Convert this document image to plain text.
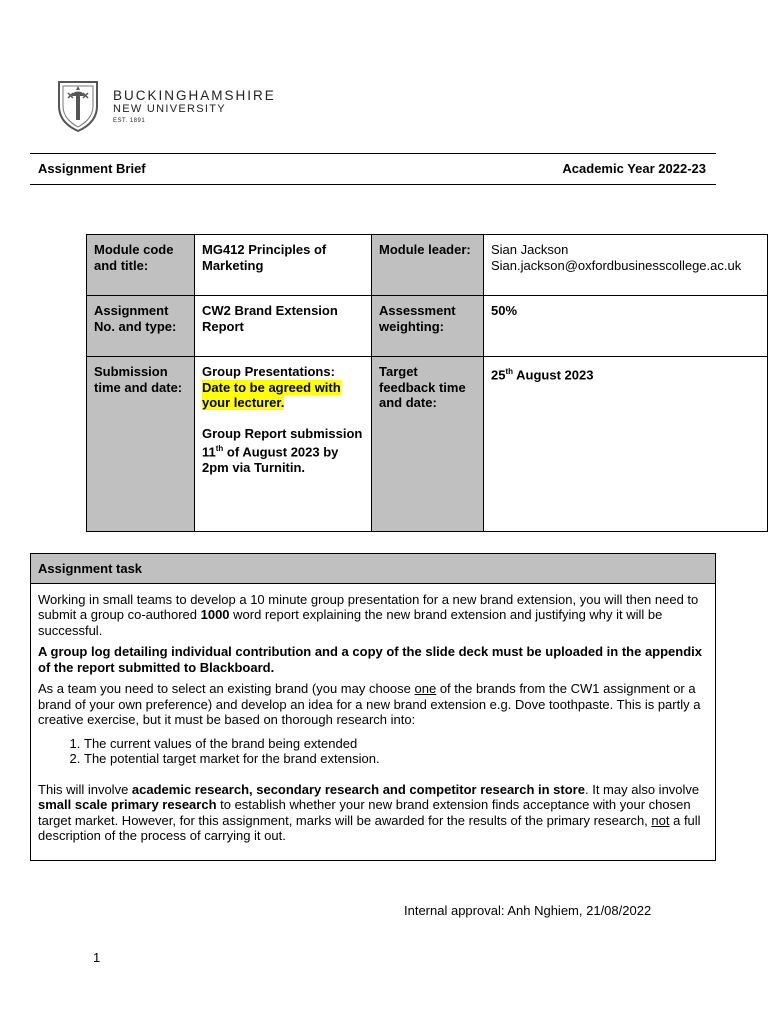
BUCKINGHAMSHIRE
NEW UNIVERSITY
EST. 1891
Assignment Brief	Academic Year 2022-23
Module code and title:	MG412 Principles of Marketing	Module leader:	Sian Jackson
Sian.jackson@oxfordbusinesscollege.ac.uk

Assignment No. and type:	CW2 Brand Extension Report	Assessment weighting:	50%
Submission time and date:	Group Presentations:
Date to be agreed with your lecturer.
Group Report submission 11th of August 2023 by 2pm via Turnitin.	Target feedback time and date:	25th August 2023
Assignment task

Working in small teams to develop a 10 minute group presentation for a new brand extension, you will then need to submit a group co-authored 1000 word report explaining the new brand extension and justifying why it will be successful.

A group log detailing individual contribution and a copy of the slide deck must be uploaded in the appendix of the report submitted to Blackboard.

As a team you need to select an existing brand (you may choose one of the brands from the CW1 assignment or a brand of your own preference) and develop an idea for a new brand extension e.g. Dove toothpaste. This is partly a creative exercise, but it must be based on thorough research into:

1. The current values of the brand being extended
2. The potential target market for the brand extension.

This will involve academic research, secondary research and competitor research in store. It may also involve small scale primary research to establish whether your new brand extension finds acceptance with your chosen target market. However, for this assignment, marks will be awarded for the results of the primary research, not a full description of the process of carrying it out.

Internal approval: Anh Nghiem, 21/08/2022
1
